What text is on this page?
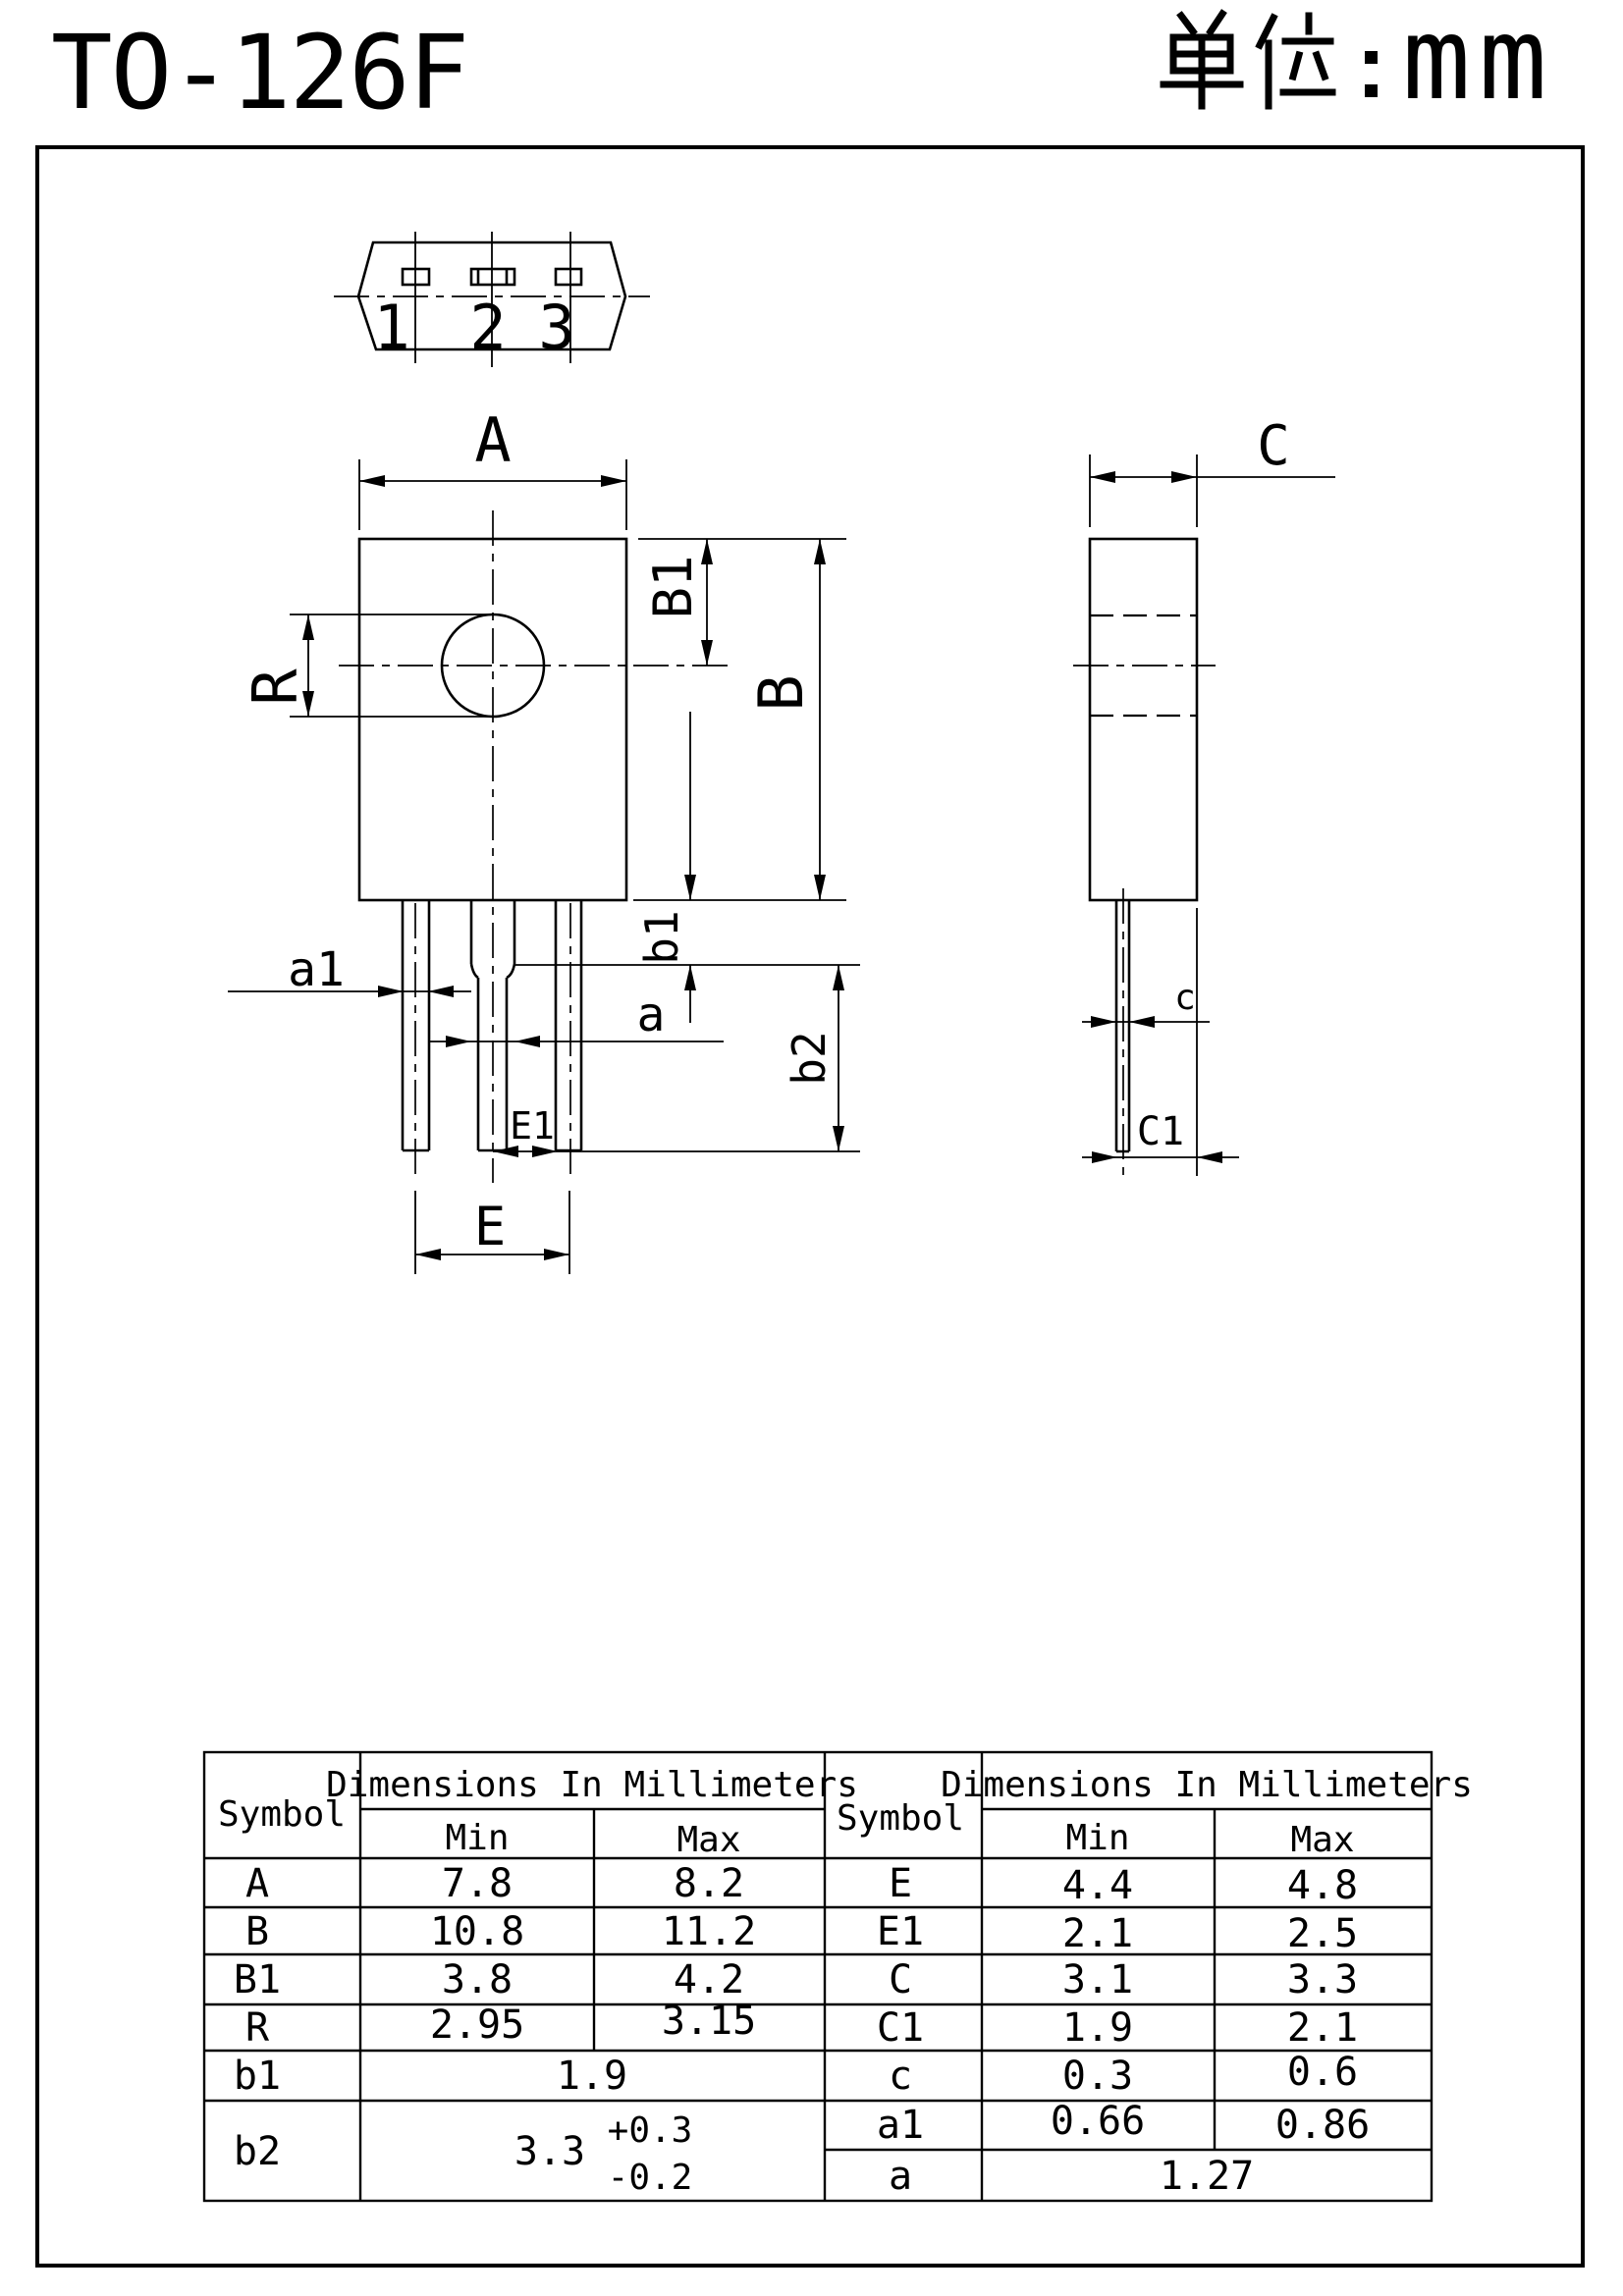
TO-126F	mm
1 2 3
A
R
B1
B
b1
b2
a1
a
E1
E
C
c
C1
Symbol
Dimensions In Millimeters
Min	Max
Symbol
Dimensions In Millimeters
Min	Max
A	7.8	8.2
B	10.8	11.2
B1	3.8	4.2
R	2.95	3.15
b1	1.9
b2	3.3 +0.3
-0.2
E	4.4	4.8
E1	2.1	2.5
C	3.1	3.3
C1	1.9	2.1
c	0.3	0.6
a1	0.66	0.86
a	1.27
